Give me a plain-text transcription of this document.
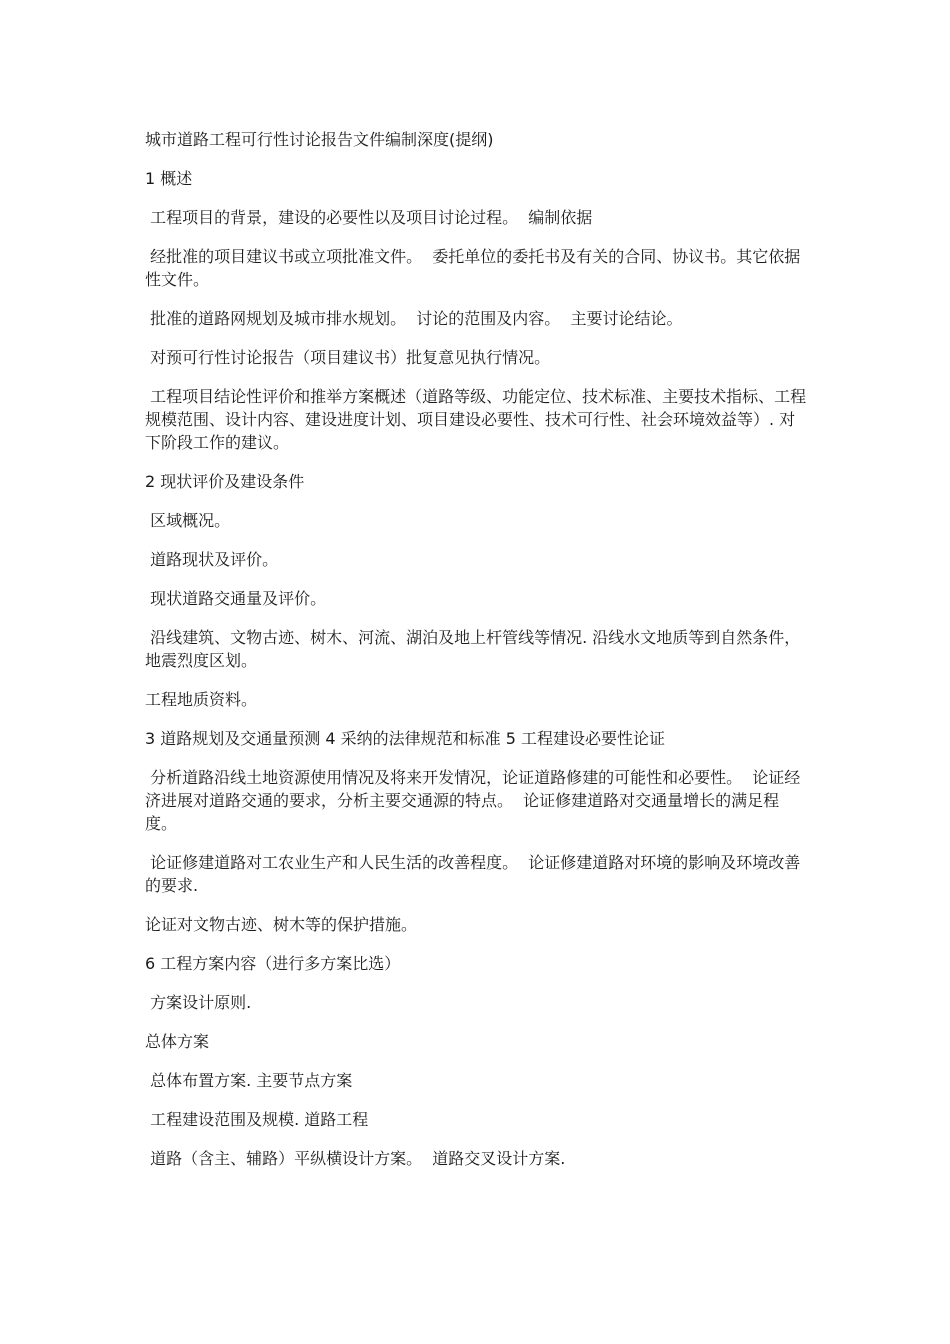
城市道路工程可行性讨论报告文件编制深度(提纲)

1 概述

工程项目的背景，建设的必要性以及项目讨论过程。  编制依据

经批准的项目建议书或立项批准文件。  委托单位的委托书及有关的合同、协议书。其它依据性文件。

批准的道路网规划及城市排水规划。  讨论的范围及内容。  主要讨论结论。

对预可行性讨论报告（项目建议书）批复意见执行情况。

工程项目结论性评价和推举方案概述（道路等级、功能定位、技术标准、主要技术指标、工程规模范围、设计内容、建设进度计划、项目建设必要性、技术可行性、社会环境效益等）. 对下阶段工作的建议。

2 现状评价及建设条件

区域概况。

道路现状及评价。

现状道路交通量及评价。

沿线建筑、文物古迹、树木、河流、湖泊及地上杆管线等情况. 沿线水文地质等到自然条件，地震烈度区划。

工程地质资料。

3 道路规划及交通量预测 4 采纳的法律规范和标准 5 工程建设必要性论证

分析道路沿线土地资源使用情况及将来开发情况，论证道路修建的可能性和必要性。  论证经济进展对道路交通的要求，分析主要交通源的特点。  论证修建道路对交通量增长的满足程度。

论证修建道路对工农业生产和人民生活的改善程度。  论证修建道路对环境的影响及环境改善的要求.

论证对文物古迹、树木等的保护措施。

6 工程方案内容（进行多方案比选）

方案设计原则.

总体方案

总体布置方案. 主要节点方案

工程建设范围及规模. 道路工程

道路（含主、辅路）平纵横设计方案。  道路交叉设计方案.
